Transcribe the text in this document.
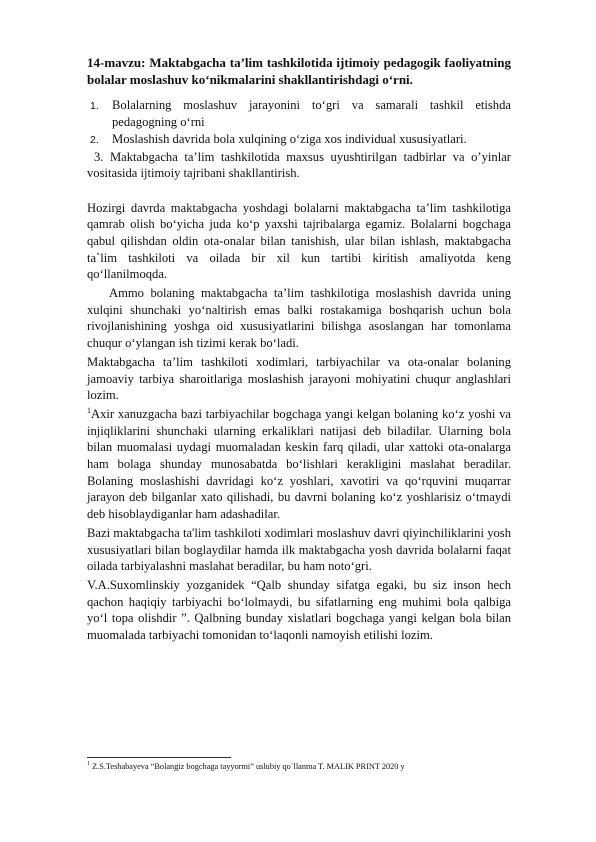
14-mavzu: Maktabgacha ta’lim tashkilotida ijtimoiy pedagogik faoliyatning bolalar moslashuv ko‘nikmalarini shakllantirishdagi o‘rni.

1. Bolalarning moslashuv jarayonini to‘gri va samarali tashkil etishda pedagogning o‘rni
2. Moslashish davrida bola xulqining o‘ziga xos individual xususiyatlari.

3. Maktabgacha ta’lim tashkilotida maxsus uyushtirilgan tadbirlar va o’yinlar vositasida ijtimoiy tajribani shakllantirish.

Hozirgi davrda maktabgacha yoshdagi bolalarni maktabgacha ta’lim tashkilotiga qamrab olish bo‘yicha juda ko‘p yaxshi tajribalarga egamiz. Bolalarni bogchaga qabul qilishdan oldin ota-onalar bilan tanishish, ular bilan ishlash, maktabgacha ta`lim tashkiloti va oilada bir xil kun tartibi kiritish amaliyotda keng qo‘llanilmoqda.

Ammo bolaning maktabgacha ta’lim tashkilotiga moslashish davrida uning xulqini shunchaki yo‘naltirish emas balki rostakamiga boshqarish uchun bola rivojlanishining yoshga oid xususiyatlarini bilishga asoslangan har tomonlama chuqur o‘ylangan ish tizimi kerak bo‘ladi.

Maktabgacha ta’lim tashkiloti xodimlari, tarbiyachilar va ota-onalar bolaning jamoaviy tarbiya sharoitlariga moslashish jarayoni mohiyatini chuqur anglashlari lozim.

$^1$Axir xanuzgacha bazi tarbiyachilar bogchaga yangi kelgan bolaning ko‘z yoshi va injiqliklarini shunchaki ularning erkaliklari natijasi deb biladilar. Ularning bola bilan muomalasi uydagi muomaladan keskin farq qiladi, ular xattoki ota-onalarga ham bolaga shunday munosabatda bo‘lishlari kerakligini maslahat beradilar. Bolaning moslashishi davridagi ko‘z yoshlari, xavotiri va qo‘rquvini muqarrar jarayon deb bilganlar xato qilishadi, bu davrni bolaning ko‘z yoshlarisiz o‘tmaydi deb hisoblaydiganlar ham adashadilar.

Bazi maktabgacha ta'lim tashkiloti xodimlari moslashuv davri qiyinchiliklarini yosh xususiyatlari bilan boglaydilar hamda ilk maktabgacha yosh davrida bolalarni faqat oilada tarbiyalashni maslahat beradilar, bu ham noto‘gri.

V.A.Suxomlinskiy yozganidek “Qalb shunday sifatga egaki, bu siz inson hech qachon haqiqiy tarbiyachi bo‘lolmaydi, bu sifatlarning eng muhimi bola qalbiga yo‘l topa olishdir ”. Qalbning bunday xislatlari bogchaga yangi kelgan bola bilan muomalada tarbiyachi tomonidan to‘laqonli namoyish etilishi lozim.

$^1$ Z.S.Teshabayeva “Bolangiz bogchaga tayyormi” uslubiy qo`llanma T. MALIK PRINT 2020 y
